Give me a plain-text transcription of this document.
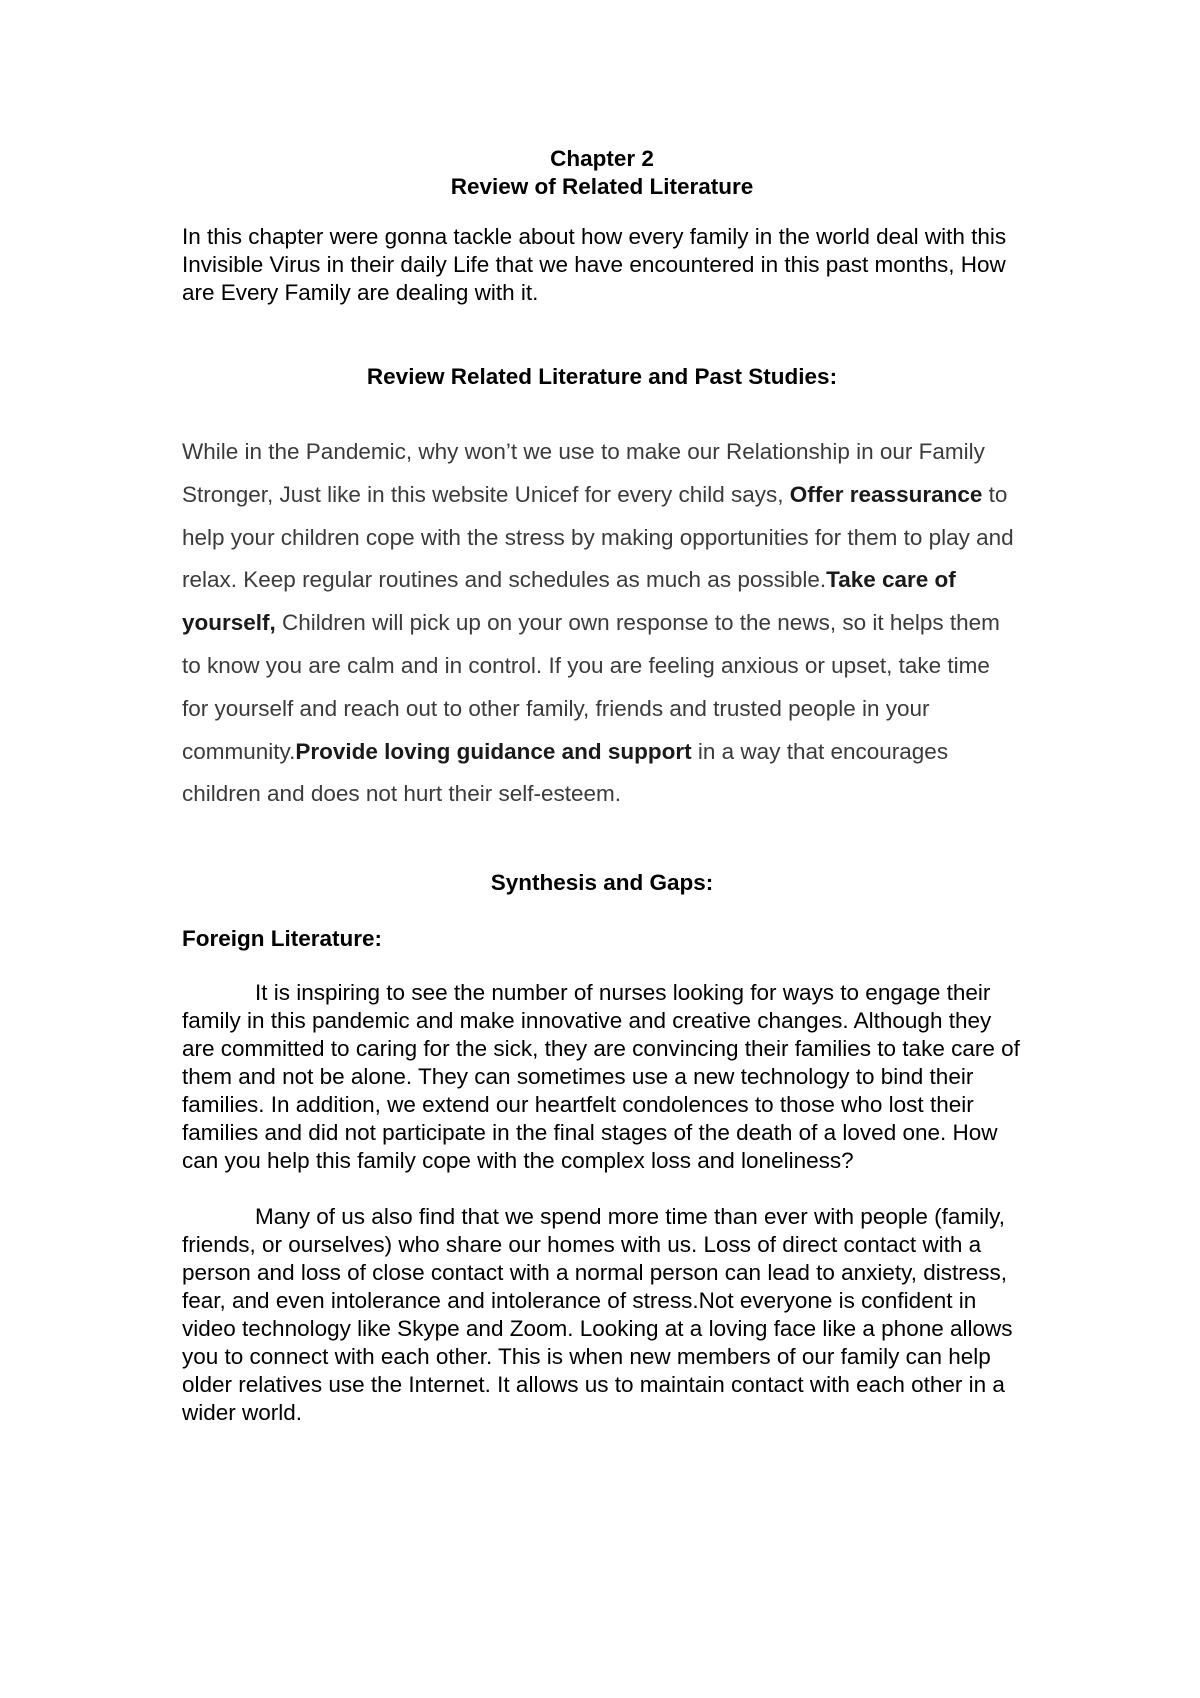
Chapter 2

Review of Related Literature

In this chapter were gonna tackle about how every family in the world deal with this Invisible Virus in their daily Life that we have encountered in this past months, How are Every Family are dealing with it.

Review Related Literature and Past Studies:

While in the Pandemic, why won’t we use to make our Relationship in our Family Stronger, Just like in this website Unicef for every child says, Offer reassurance to help your children cope with the stress by making opportunities for them to play and relax. Keep regular routines and schedules as much as possible.Take care of yourself, Children will pick up on your own response to the news, so it helps them to know you are calm and in control. If you are feeling anxious or upset, take time for yourself and reach out to other family, friends and trusted people in your community.Provide loving guidance and support in a way that encourages children and does not hurt their self-esteem.

Synthesis and Gaps:

Foreign Literature:

It is inspiring to see the number of nurses looking for ways to engage their family in this pandemic and make innovative and creative changes. Although they are committed to caring for the sick, they are convincing their families to take care of them and not be alone. They can sometimes use a new technology to bind their families. In addition, we extend our heartfelt condolences to those who lost their families and did not participate in the final stages of the death of a loved one. How can you help this family cope with the complex loss and loneliness?

Many of us also find that we spend more time than ever with people (family, friends, or ourselves) who share our homes with us. Loss of direct contact with a person and loss of close contact with a normal person can lead to anxiety, distress, fear, and even intolerance and intolerance of stress.Not everyone is confident in video technology like Skype and Zoom. Looking at a loving face like a phone allows you to connect with each other. This is when new members of our family can help older relatives use the Internet. It allows us to maintain contact with each other in a wider world.
